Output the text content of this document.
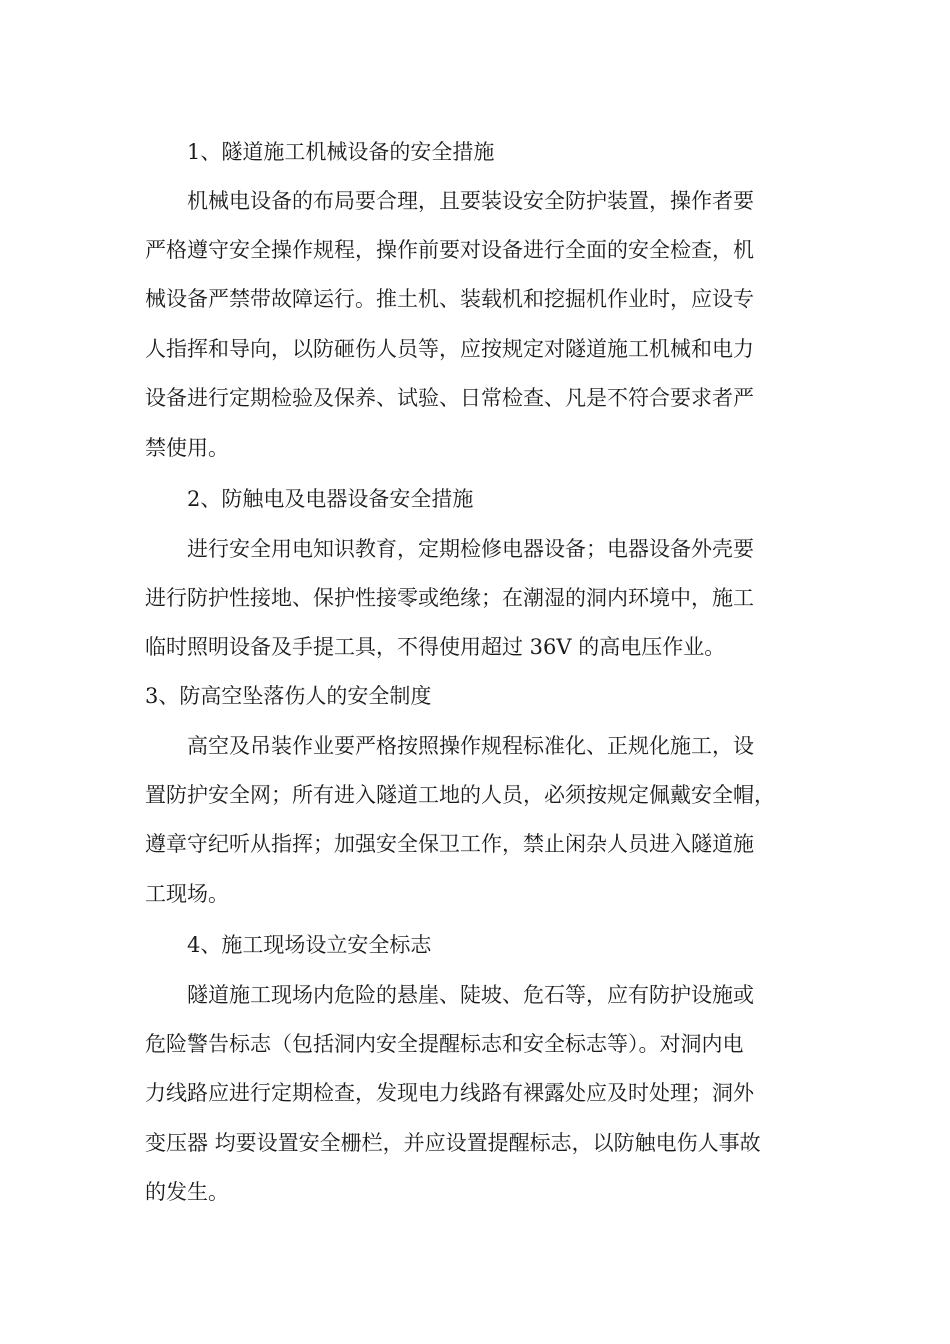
1、隧道施工机械设备的安全措施
机械电设备的布局要合理，且要装设安全防护装置，操作者要
严格遵守安全操作规程，操作前要对设备进行全面的安全检查，机
械设备严禁带故障运行。推土机、装载机和挖掘机作业时，应设专
人指挥和导向，以防砸伤人员等，应按规定对隧道施工机械和电力
设备进行定期检验及保养、试验、日常检查、凡是不符合要求者严
禁使用。
2、防触电及电器设备安全措施
进行安全用电知识教育，定期检修电器设备；电器设备外壳要
进行防护性接地、保护性接零或绝缘；在潮湿的洞内环境中，施工
临时照明设备及手提工具，不得使用超过 36V 的高电压作业。
3、防高空坠落伤人的安全制度
高空及吊装作业要严格按照操作规程标准化、正规化施工，设
置防护安全网；所有进入隧道工地的人员，必须按规定佩戴安全帽，
遵章守纪听从指挥；加强安全保卫工作，禁止闲杂人员进入隧道施
工现场。
4、施工现场设立安全标志
隧道施工现场内危险的悬崖、陡坡、危石等，应有防护设施或
危险警告标志（包括洞内安全提醒标志和安全标志等）。对洞内电
力线路应进行定期检查，发现电力线路有裸露处应及时处理；洞外
变压器 均要设置安全栅栏，并应设置提醒标志，以防触电伤人事故
的发生。
